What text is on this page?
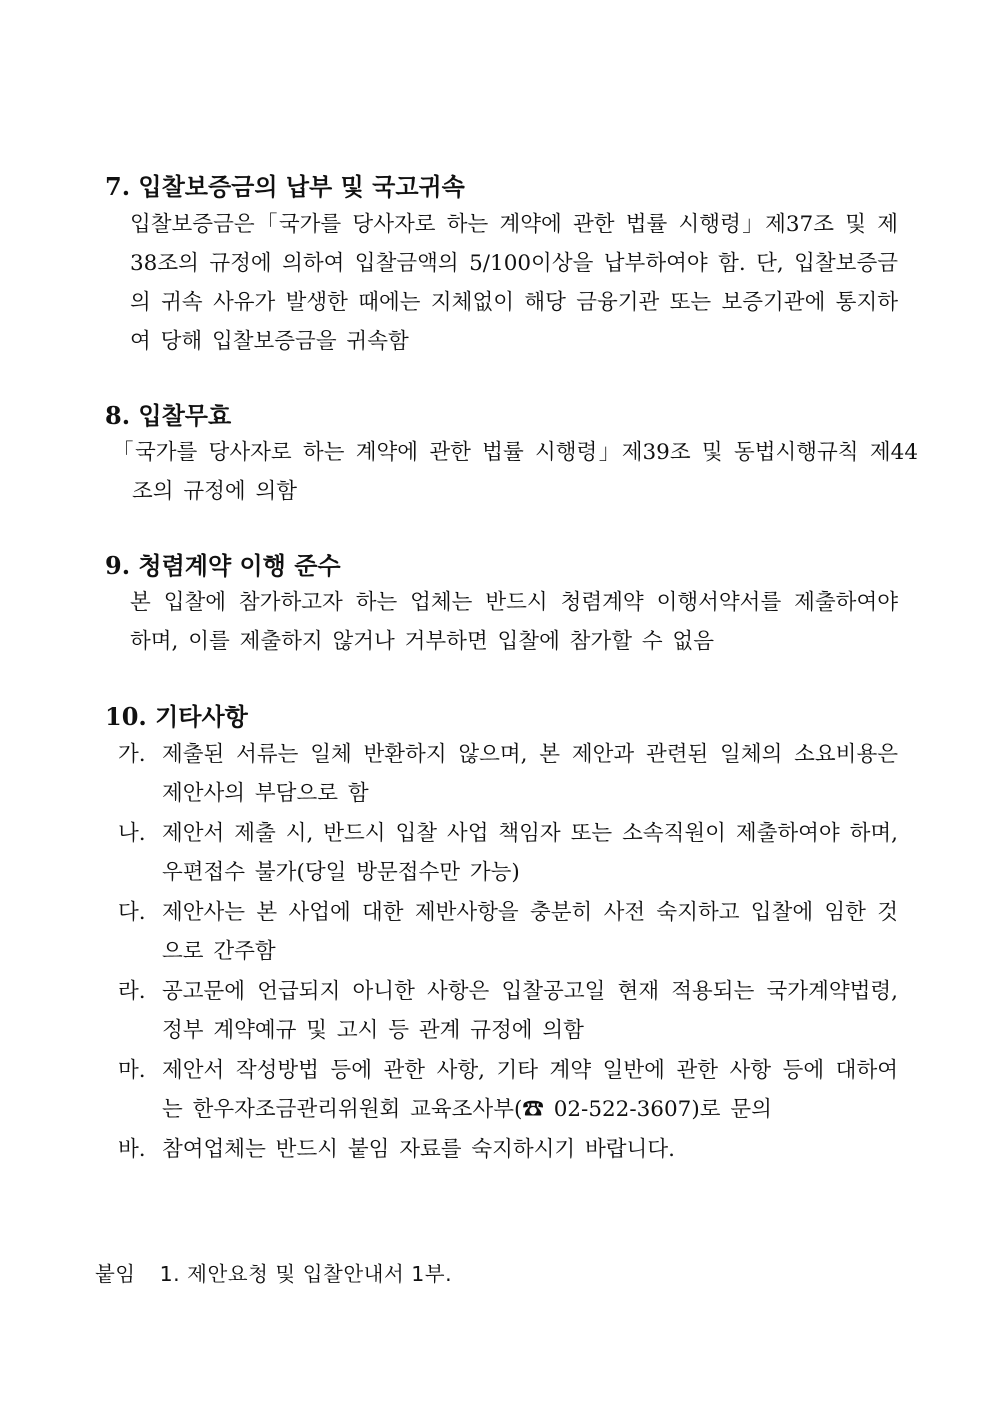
7. 입찰보증금의 납부 및 국고귀속
입찰보증금은「국가를 당사자로 하는 계약에 관한 법률 시행령」제37조 및 제38조의 규정에 의하여 입찰금액의 5/100이상을 납부하여야 함. 단, 입찰보증금의 귀속 사유가 발생한 때에는 지체없이 해당 금융기관 또는 보증기관에 통지하여 당해 입찰보증금을 귀속함
8. 입찰무효
「국가를 당사자로 하는 계약에 관한 법률 시행령」제39조 및 동법시행규칙 제44조의 규정에 의함
9. 청렴계약 이행 준수
본 입찰에 참가하고자 하는 업체는 반드시 청렴계약 이행서약서를 제출하여야 하며, 이를 제출하지 않거나 거부하면 입찰에 참가할 수 없음
10. 기타사항
가. 제출된 서류는 일체 반환하지 않으며, 본 제안과 관련된 일체의 소요비용은 제안사의 부담으로 함
나. 제안서 제출 시, 반드시 입찰 사업 책임자 또는 소속직원이 제출하여야 하며, 우편접수 불가(당일 방문접수만 가능)
다. 제안사는 본 사업에 대한 제반사항을 충분히 사전 숙지하고 입찰에 임한 것으로 간주함
라. 공고문에 언급되지 아니한 사항은 입찰공고일 현재 적용되는 국가계약법령, 정부 계약예규 및 고시 등 관계 규정에 의함
마. 제안서 작성방법 등에 관한 사항, 기타 계약 일반에 관한 사항 등에 대하여는 한우자조금관리위원회 교육조사부(☎ 02-522-3607)로 문의
바. 참여업체는 반드시 붙임 자료를 숙지하시기 바랍니다.
붙임 1. 제안요청 및 입찰안내서 1부.
